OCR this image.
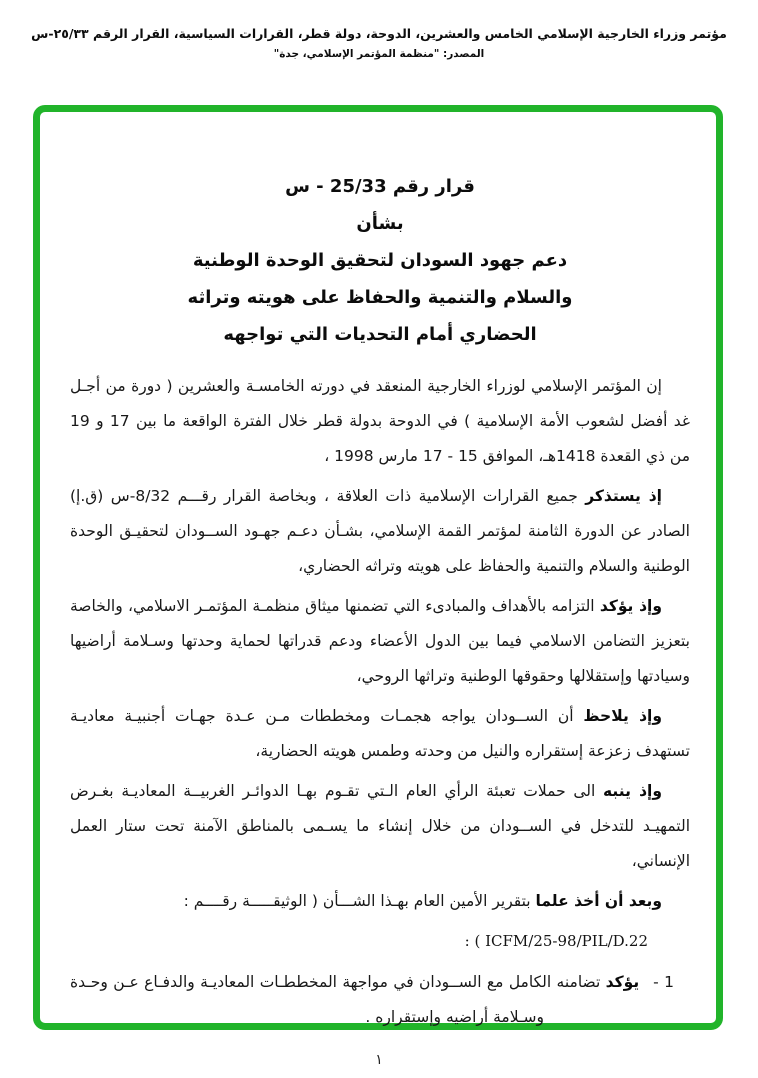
مؤتمر وزراء الخارجية الإسلامي الخامس والعشرين، الدوحة، دولة قطر، القرارات السياسية، القرار الرقم ٢٥/٣٣-س
المصدر: "منظمة المؤتمر الإسلامي، جدة"
قرار رقم 25/33 - س
بشأن
دعم جهود السودان لتحقيق الوحدة الوطنية
والسلام والتنمية والحفاظ على هويته وتراثه
الحضاري أمام التحديات التي تواجهه

إن المؤتمر الإسلامي لوزراء الخارجية المنعقد في دورته الخامسـة والعشرين ( دورة من أجـل غد أفضل لشعوب الأمة الإسلامية ) في الدوحة بدولة قطر خلال الفترة الواقعة ما بين 17 و 19 من ذي القعدة 1418هـ، الموافق 15 - 17 مارس 1998 ،

إذ يستذكر جميع القرارات الإسلامية ذات العلاقة ، وبخاصة القرار رقـــم 8/32-س (ق.إ) الصادر عن الدورة الثامنة لمؤتمر القمة الإسلامي، بشـأن دعـم جهـود الســودان لتحقيـق الوحدة الوطنية والسلام والتنمية والحفاظ على هويته وتراثه الحضاري،

وإذ يؤكد التزامه بالأهداف والمبادىء التي تضمنها ميثاق منظمـة المؤتمـر الاسلامي، والخاصة بتعزيز التضامن الاسلامي فيما بين الدول الأعضاء ودعم قدراتها لحماية وحدتها وسـلامة أراضيها وسيادتها وإستقلالها وحقوقها الوطنية وتراثها الروحي،

وإذ يلاحظ أن الســودان يواجه هجمـات ومخططات مـن عـدة جهـات أجنبيـة معاديـة تستهدف زعزعة إستقراره والنيل من وحدته وطمس هويته الحضارية،

وإذ ينبه الى حملات تعبئة الرأي العام الـتي تقـوم بهـا الدوائـر الغربيــة المعاديـة بغـرض التمهيـد للتدخل في الســودان من خلال إنشاء ما يسـمى بالمناطق الآمنة تحت ستار العمل الإنساني،

وبعد أن أخذ علما بتقرير الأمين العام بهـذا الشـــأن ( الوثيقـــــة رقــــم :

: ( ICFM/25-98/PIL/D.22
1 -يؤكد تضامنه الكامل مع الســودان في مواجهة المخططـات المعاديـة والدفـاع عـن وحـدة وسـلامة أراضيه وإستقراره .
١
